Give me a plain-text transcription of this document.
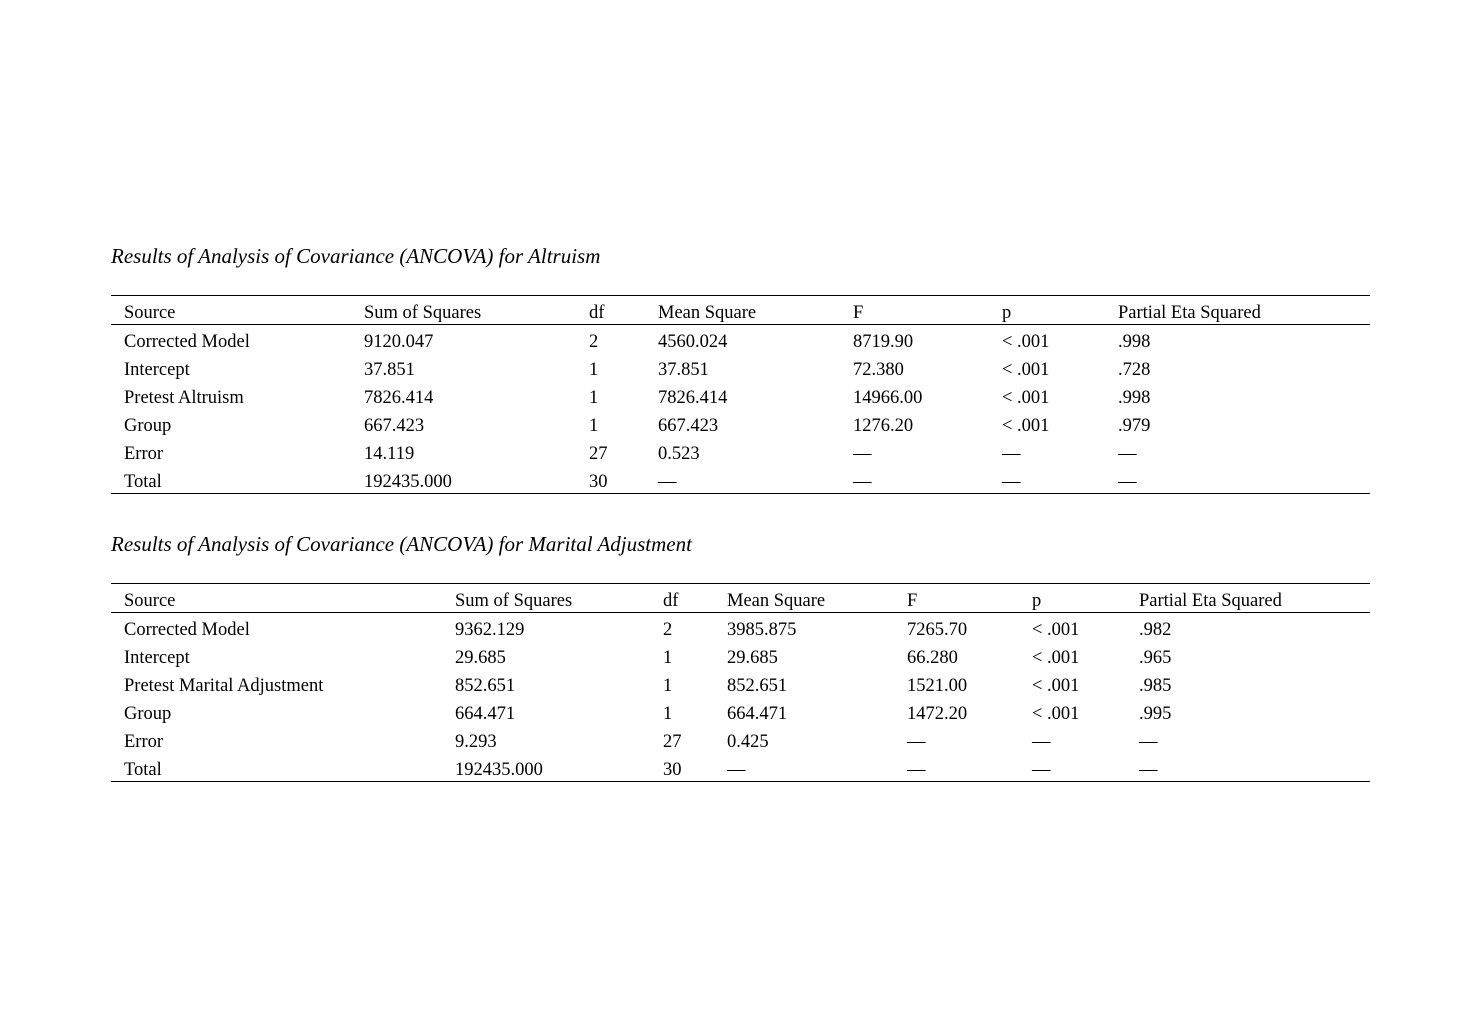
Results of Analysis of Covariance (ANCOVA) for Altruism
Source	Sum of Squares	df	Mean Square	F	p	Partial Eta Squared
Corrected Model	9120.047	2	4560.024	8719.90	< .001	.998
Intercept	37.851	1	37.851	72.380	< .001	.728
Pretest Altruism	7826.414	1	7826.414	14966.00	< .001	.998
Group	667.423	1	667.423	1276.20	< .001	.979
Error	14.119	27	0.523	—	—	—
Total	192435.000	30	—	—	—	—
Results of Analysis of Covariance (ANCOVA) for Marital Adjustment
Source	Sum of Squares	df	Mean Square	F	p	Partial Eta Squared
Corrected Model	9362.129	2	3985.875	7265.70	< .001	.982
Intercept	29.685	1	29.685	66.280	< .001	.965
Pretest Marital Adjustment	852.651	1	852.651	1521.00	< .001	.985
Group	664.471	1	664.471	1472.20	< .001	.995
Error	9.293	27	0.425	—	—	—
Total	192435.000	30	—	—	—	—
